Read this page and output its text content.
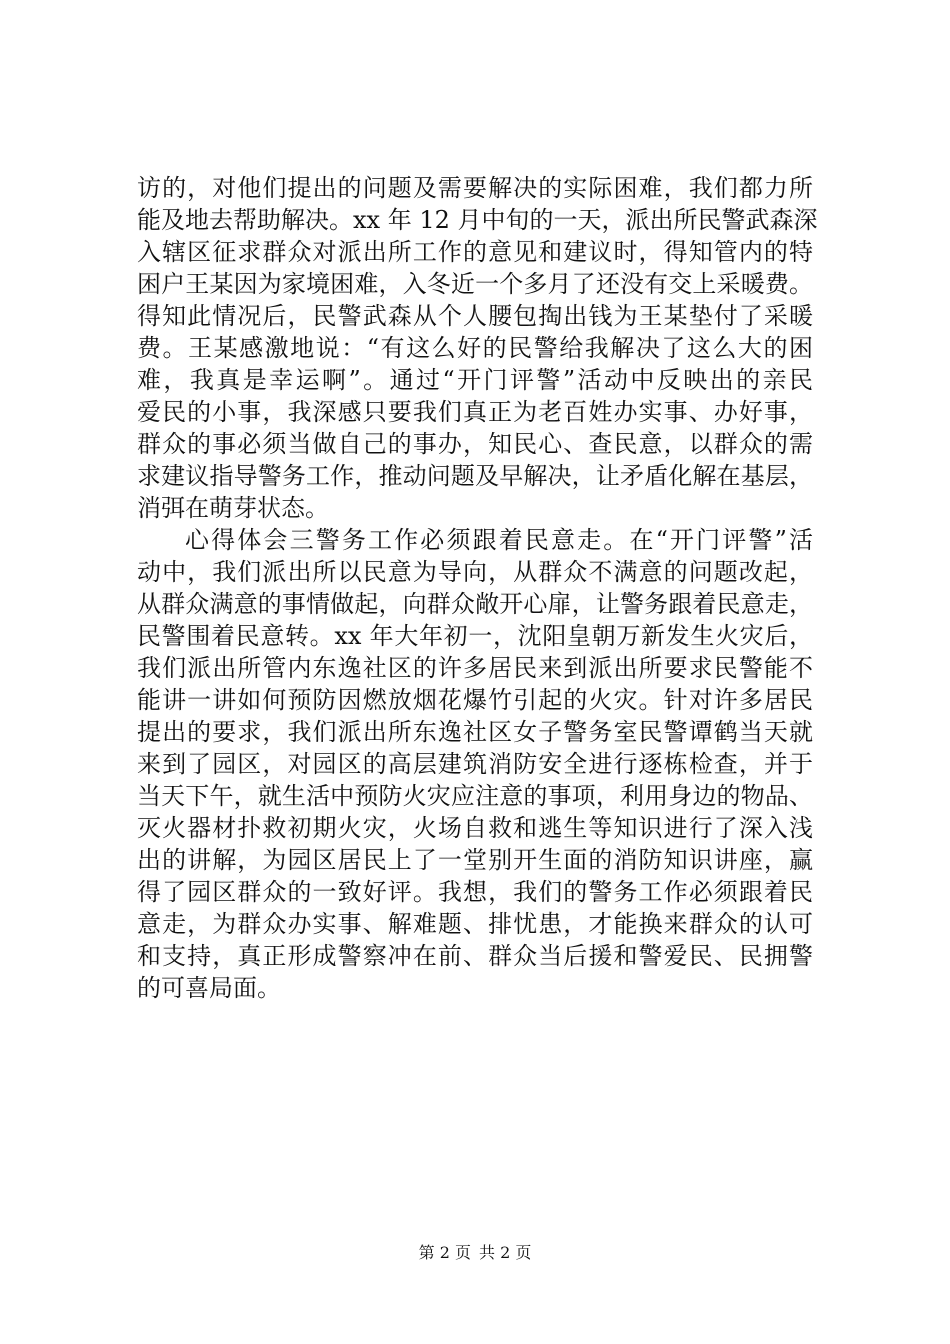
访的，对他们提出的问题及需要解决的实际困难，我们都力所
能及地去帮助解决。xx 年 12 月中旬的一天，派出所民警武森深
入辖区征求群众对派出所工作的意见和建议时，得知管内的特
困户王某因为家境困难，入冬近一个多月了还没有交上采暖费。
得知此情况后，民警武森从个人腰包掏出钱为王某垫付了采暖
费。王某感激地说：“有这么好的民警给我解决了这么大的困
难，我真是幸运啊”。通过“开门评警”活动中反映出的亲民
爱民的小事，我深感只要我们真正为老百姓办实事、办好事，
群众的事必须当做自己的事办，知民心、查民意，以群众的需
求建议指导警务工作，推动问题及早解决，让矛盾化解在基层，
消弭在萌芽状态。
心得体会三警务工作必须跟着民意走。在“开门评警”活
动中，我们派出所以民意为导向，从群众不满意的问题改起，
从群众满意的事情做起，向群众敞开心扉，让警务跟着民意走，
民警围着民意转。xx 年大年初一，沈阳皇朝万新发生火灾后，
我们派出所管内东逸社区的许多居民来到派出所要求民警能不
能讲一讲如何预防因燃放烟花爆竹引起的火灾。针对许多居民
提出的要求，我们派出所东逸社区女子警务室民警谭鹤当天就
来到了园区，对园区的高层建筑消防安全进行逐栋检查，并于
当天下午，就生活中预防火灾应注意的事项，利用身边的物品、
灭火器材扑救初期火灾，火场自救和逃生等知识进行了深入浅
出的讲解，为园区居民上了一堂别开生面的消防知识讲座，赢
得了园区群众的一致好评。我想，我们的警务工作必须跟着民
意走，为群众办实事、解难题、排忧患，才能换来群众的认可
和支持，真正形成警察冲在前、群众当后援和警爱民、民拥警
的可喜局面。
第 2 页 共 2 页
